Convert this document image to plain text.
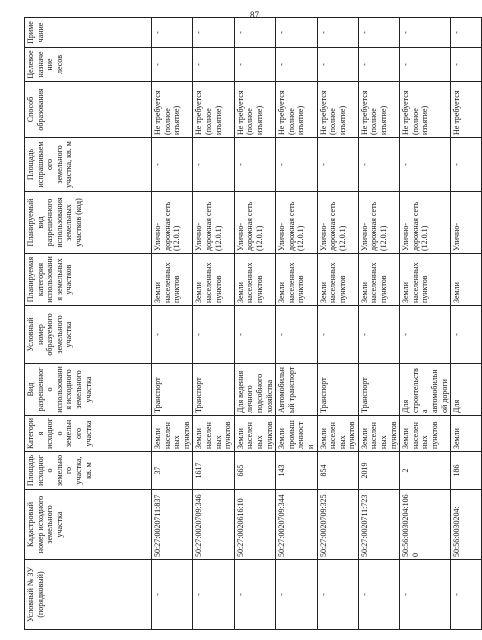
87
Условный № ЗУ (порядковый)	Кадастровый номер исходного земельного участка	Площадь исходного земельного участка, кв. м	Категория исходного земельного участка	Вид разрешенного использования исходного земельного участка	Условный номер образуемого земельного участка	Планируемая категория использования земельных участков	Планируемый вид разрешенного использования земельных участков (код)	Площадь испрашиваемого земельного участка, кв. м	Способ образования	Целевое назначение лесов	Примечание
-	50:27:0020711:837	37	Земли населенных пунктов	Транспорт	-	Земли населенных пунктов	Улично-дорожная сеть (12.0.1)	-	Не требуется (полное изъятие)	-	-
-	50:27:0020709:346	1617	Земли населенных пунктов	Транспорт	-	Земли населенных пунктов	Улично-дорожная сеть (12.0.1)	-	Не требуется (полное изъятие)	-	-
-	50:27:0020616:10	665	Земли населенных пунктов	Для ведения личного подсобного хозяйства	-	Земли населенных пунктов	Улично-дорожная сеть (12.0.1)	-	Не требуется (полное изъятие)	-	-
-	50:27:0020709:344	143	Земли промышленности	Автомобильный транспорт	-	Земли населенных пунктов	Улично-дорожная сеть (12.0.1)	-	Не требуется (полное изъятие)	-	-
-	50:27:0020709:325	854	Земли населенных пунктов	Транспорт	-	Земли населенных пунктов	Улично-дорожная сеть (12.0.1)	-	Не требуется (полное изъятие)	-	-
-	50:27:0020711:723	2019	Земли населенных пунктов	Транспорт	-	Земли населенных пунктов	Улично-дорожная сеть (12.0.1)	-	Не требуется (полное изъятие)	-	-
-	50:56:0030204:1060	2	Земли населенных пунктов	Для строительства автомобильной дороги	-	Земли населенных пунктов	Улично-дорожная сеть (12.0.1)	-	Не требуется (полное изъятие)	-	-
-	50:56:0030204:	186	Земли	Для	-	Земли	Улично-	-	Не требуется	-	-
